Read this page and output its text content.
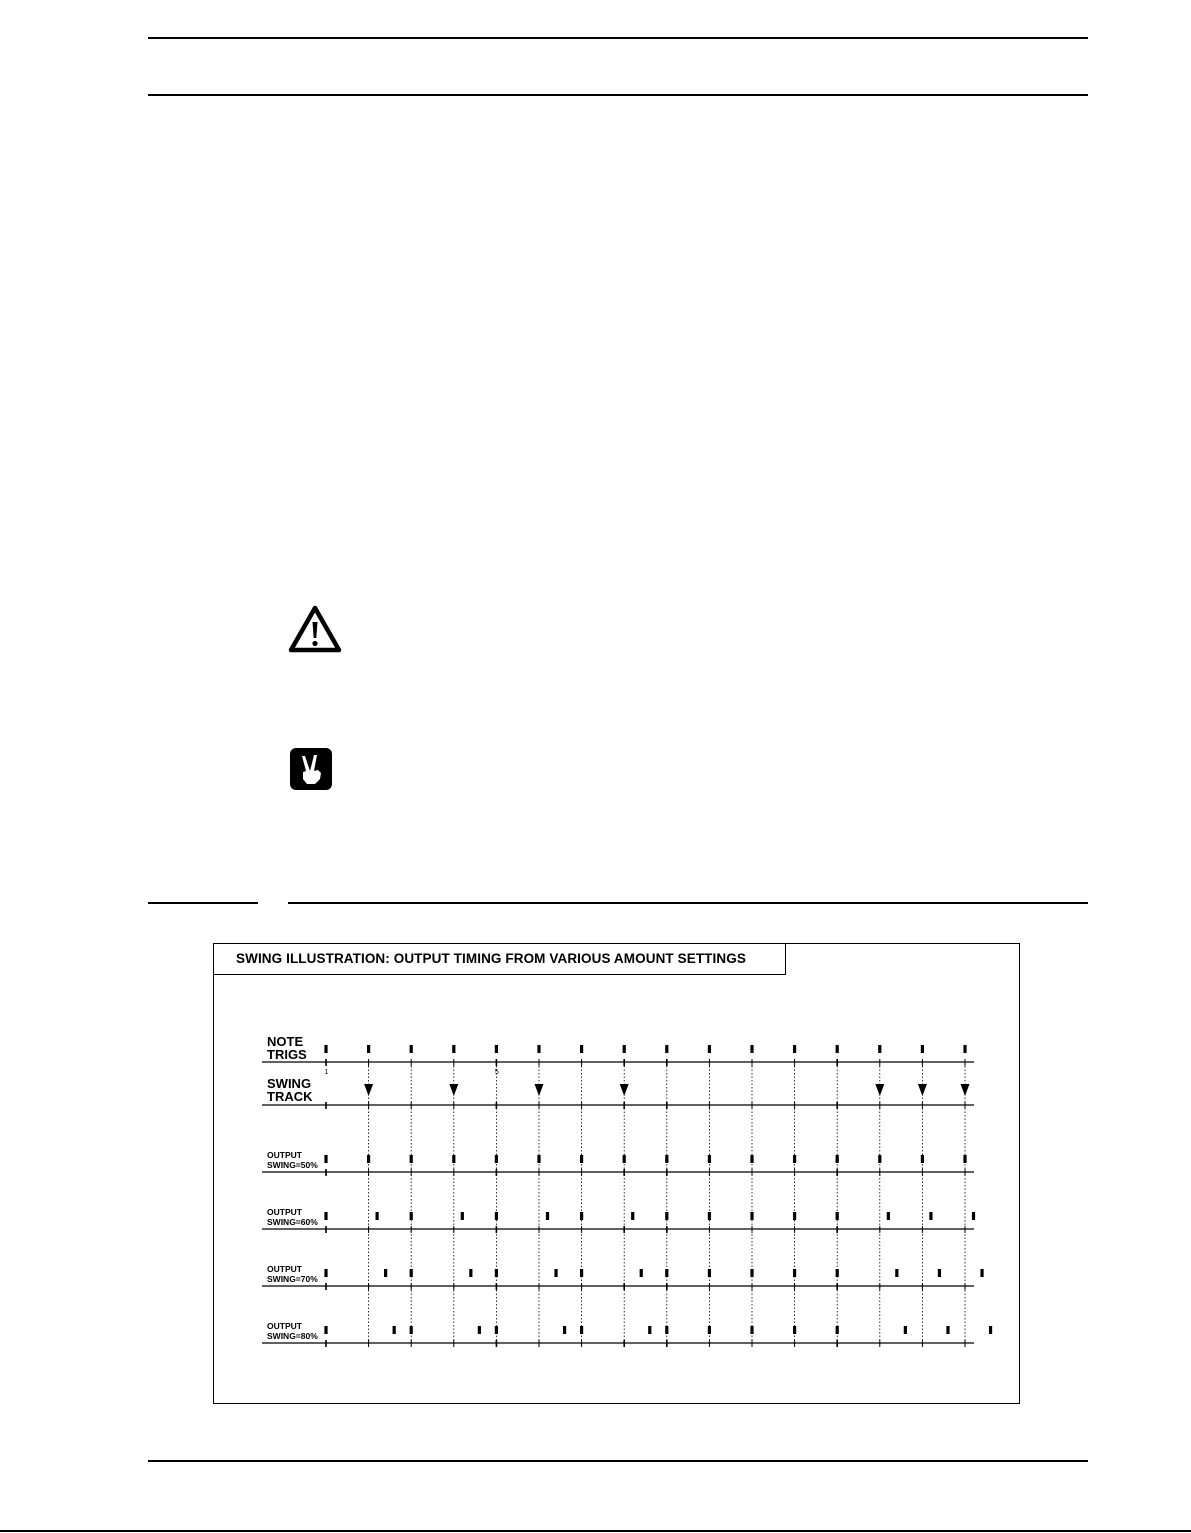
SWING ILLUSTRATION: OUTPUT TIMING FROM VARIOUS AMOUNT SETTINGS
NOTE
TRIGS
SWING
TRACK
OUTPUT
SWING=50%
OUTPUT
SWING=60%
OUTPUT
SWING=70%
OUTPUT
SWING=80%
1	5
